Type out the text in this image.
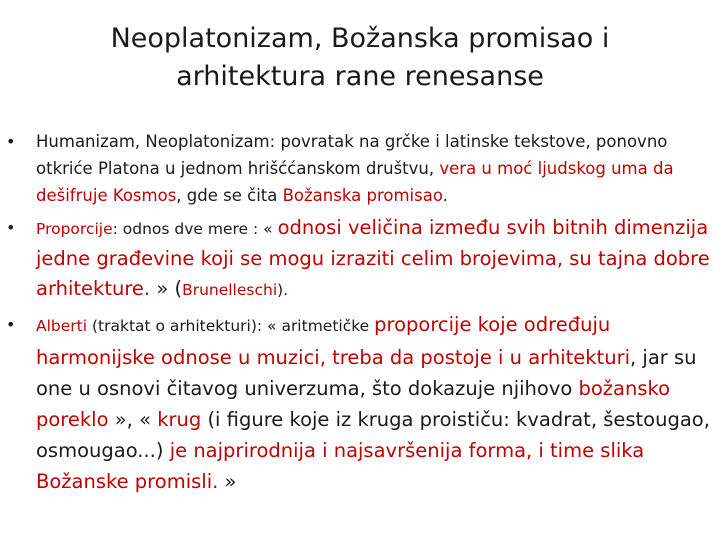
Neoplatonizam, Božanska promisao i
arhitektura rane renesanse
• Humanizam, Neoplatonizam: povratak na grčke i latinske tekstove, ponovno otkriće Platona u jednom hrišććanskom društvu, vera u moć ljudskog uma da dešifruje Kosmos, gde se čita Božanska promisao.
• Proporcije: odnos dve mere : « odnosi veličina između svih bitnih dimenzija jedne građevine koji se mogu izraziti celim brojevima, su tajna dobre arhitekture. » (Brunelleschi).
• Alberti (traktat o arhitekturi): « aritmetičke proporcije koje određuju harmonijske odnose u muzici, treba da postoje i u arhitekturi, jar su one u osnovi čitavog univerzuma, što dokazuje njihovo božansko poreklo », « krug (i figure koje iz kruga proističu: kvadrat, šestougao, osmougao...) je najprirodnija i najsavršenija forma, i time slika Božanske promisli. »
